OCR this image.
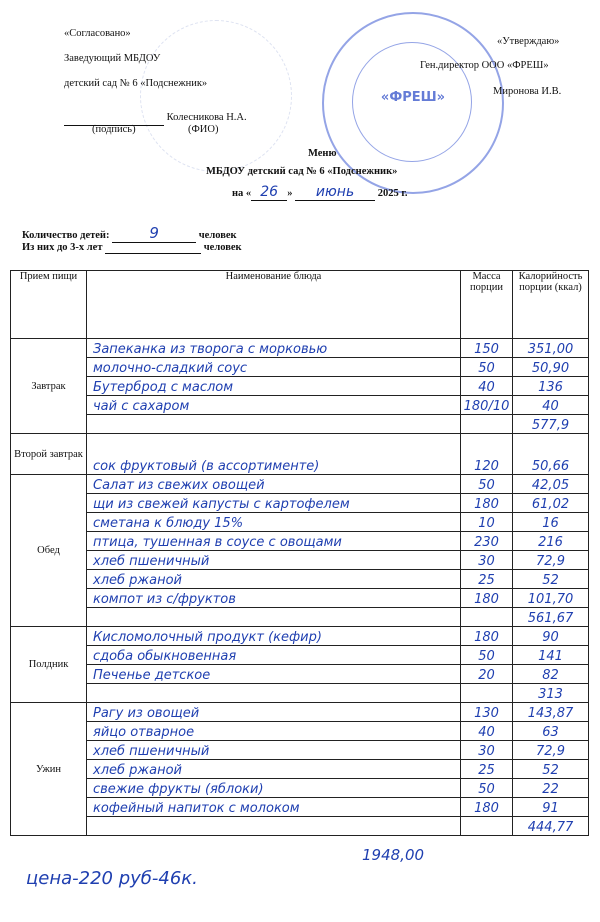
«ФРЕШ»
«Согласовано»
Заведующий МБДОУ
детский сад № 6 «Подснежник»
Колесникова Н.А.
(подпись)	(ФИО)
«Утверждаю»
Ген.директор ООО «ФРЕШ»
Миронова И.В.
Меню
МБДОУ детский сад № 6 «Подснежник»
на « 26 » июнь 2025 г.
Количество детей:	9	человек
Из них до 3-х лет	человек
Прием пищи	Наименование блюда	Масса порции	Калорийность порции (ккал)
Завтрак	Запеканка из творога с морковью	150	351,00
	молочно-сладкий соус	50	50,90
	Бутерброд с маслом	40	136
	чай с сахаром	180/10	40
			577,9
Второй завтрак	сок фруктовый (в ассортименте)	120	50,66
Обед	Салат из свежих овощей	50	42,05
	щи из свежей капусты с картофелем	180	61,02
	сметана к блюду 15%	10	16
	птица, тушенная в соусе с овощами	230	216
	хлеб пшеничный	30	72,9
	хлеб ржаной	25	52
	компот из с/фруктов	180	101,70
			561,67
Полдник	Кисломолочный продукт (кефир)	180	90
	сдоба обыкновенная	50	141
	Печенье детское	20	82
			313
Ужин	Рагу из овощей	130	143,87
	яйцо отварное	40	63
	хлеб пшеничный	30	72,9
	хлеб ржаной	25	52
	свежие фрукты (яблоки)	50	22
	кофейный напиток с молоком	180	91
			444,77
1948,00
цена-220 руб-46к.
